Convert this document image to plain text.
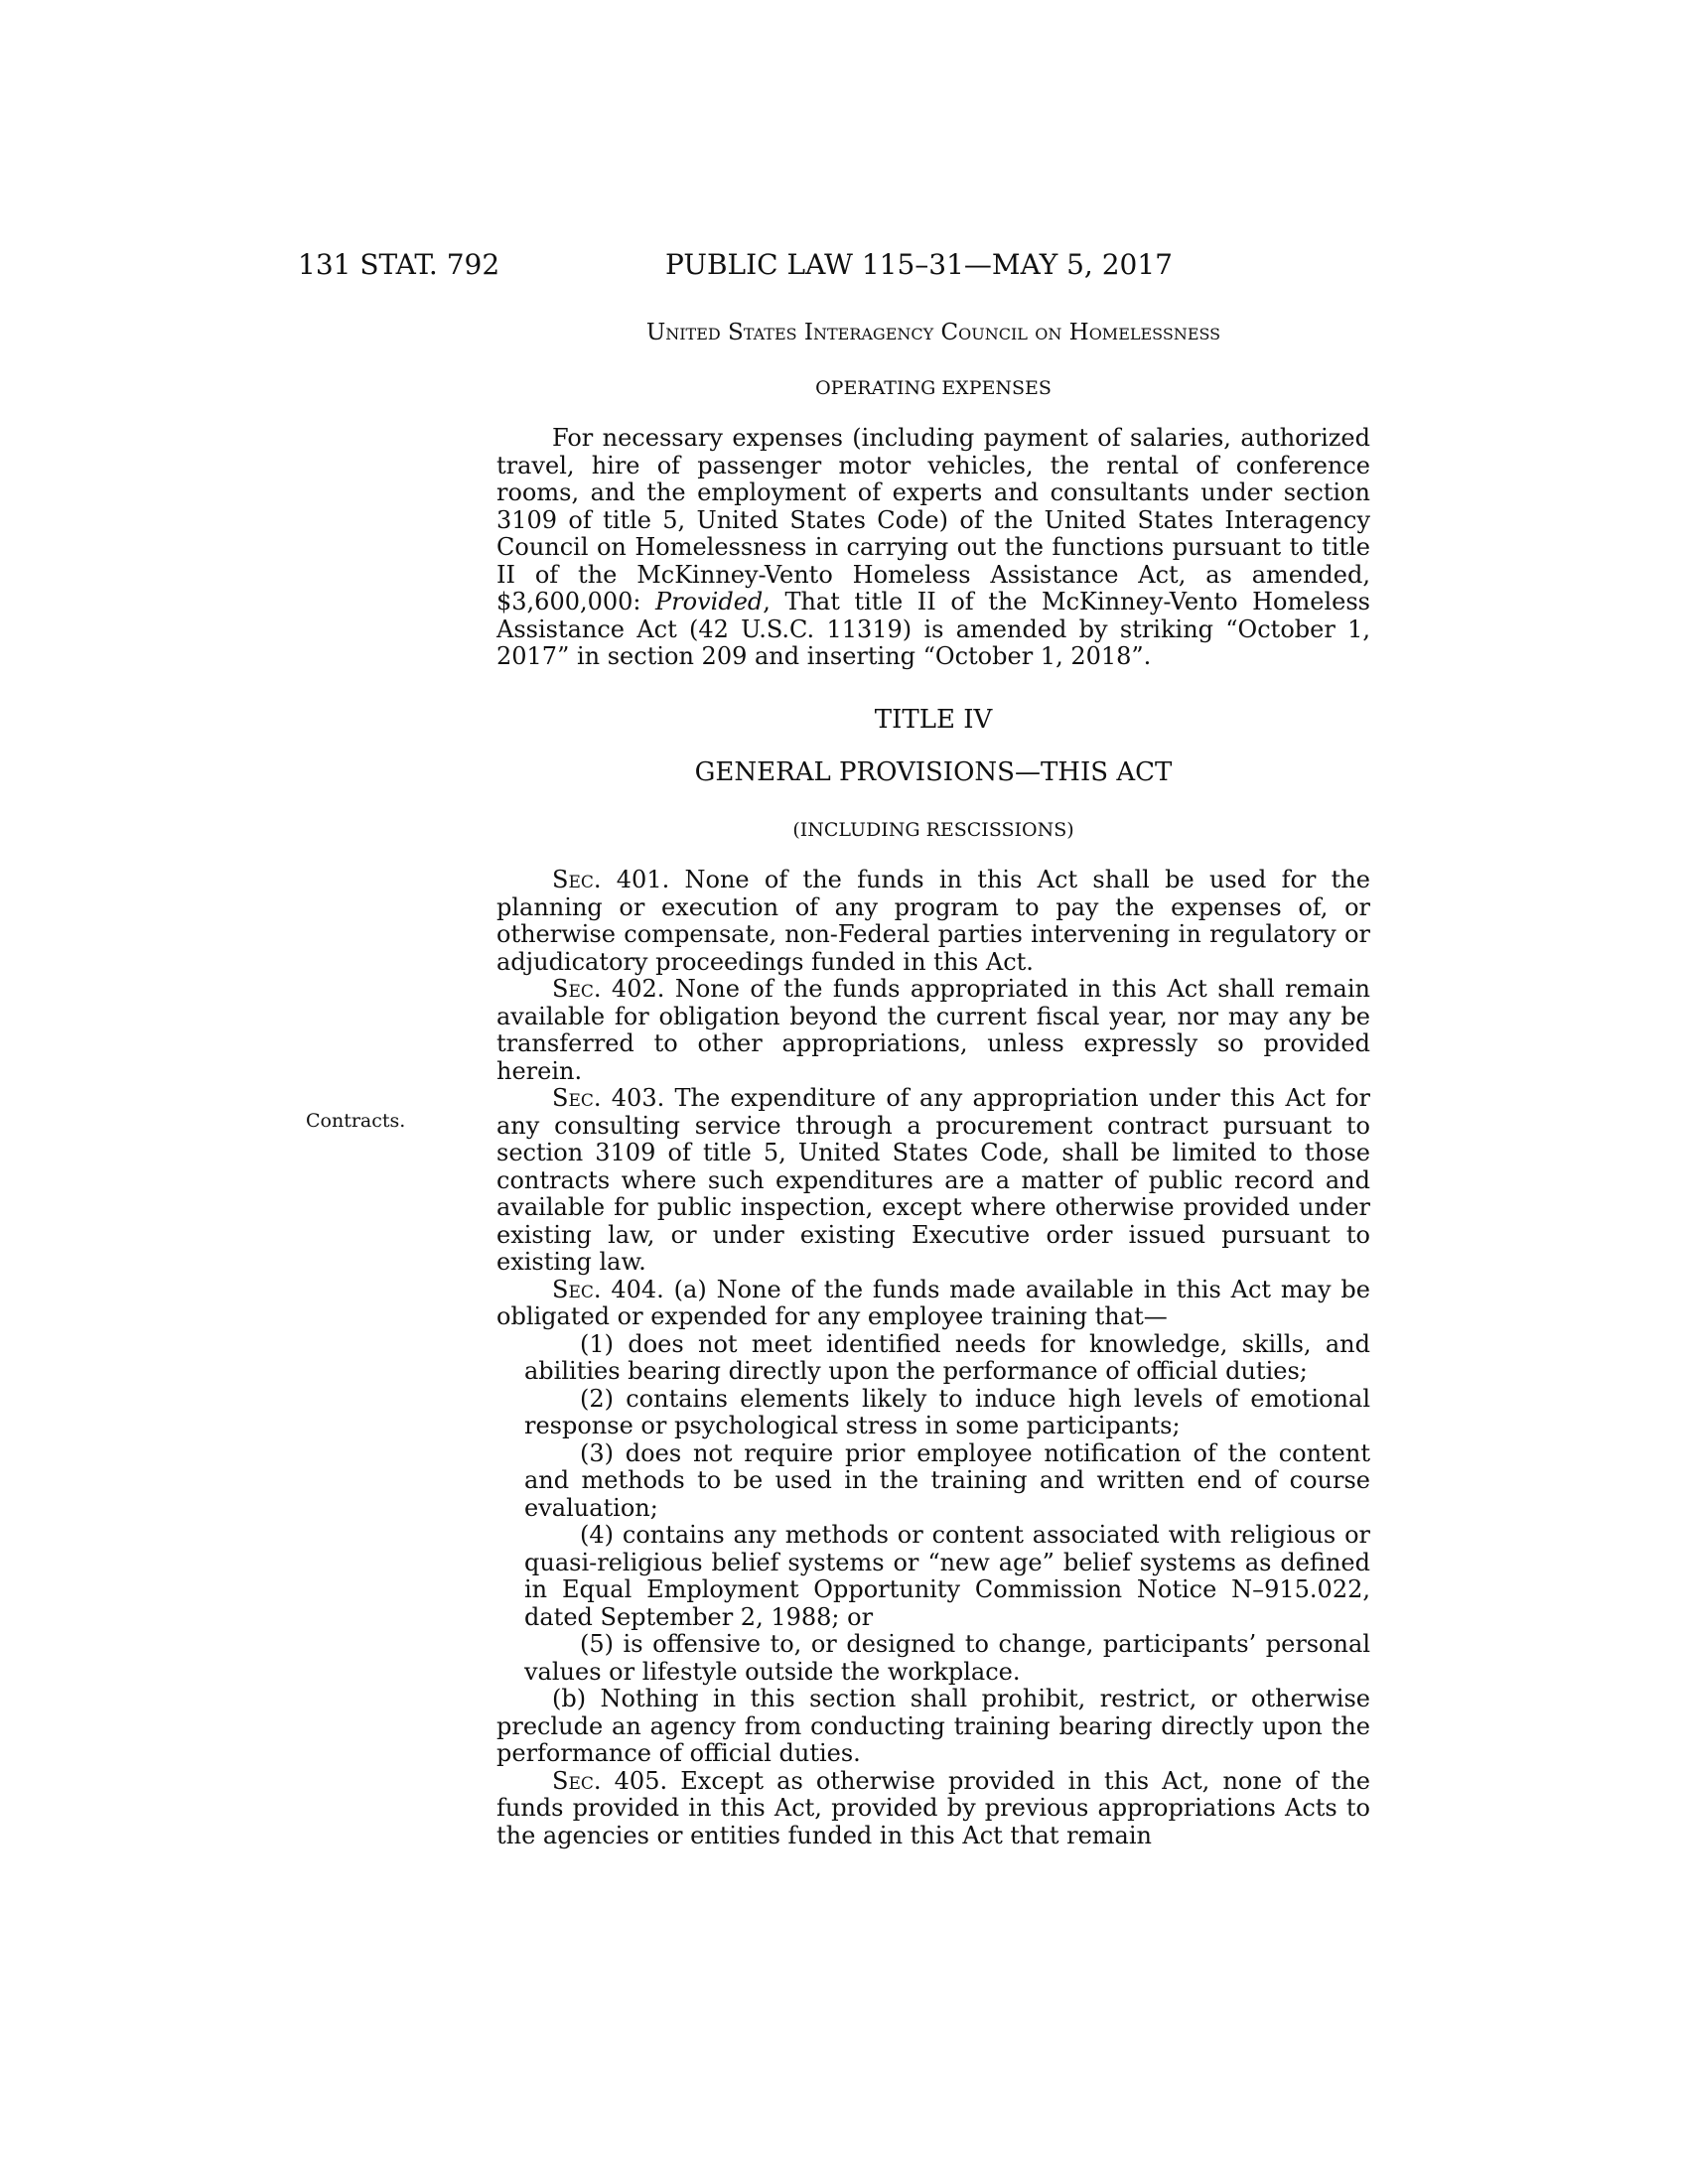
131 STAT. 792	PUBLIC LAW 115–31—MAY 5, 2017
United States Interagency Council on Homelessness
OPERATING EXPENSES

For necessary expenses (including payment of salaries, authorized travel, hire of passenger motor vehicles, the rental of conference rooms, and the employment of experts and consultants under section 3109 of title 5, United States Code) of the United States Interagency Council on Homelessness in carrying out the functions pursuant to title II of the McKinney-Vento Homeless Assistance Act, as amended, $3,600,000: Provided, That title II of the McKinney-Vento Homeless Assistance Act (42 U.S.C. 11319) is amended by striking “October 1, 2017” in section 209 and inserting “October 1, 2018”.

TITLE IV
GENERAL PROVISIONS—THIS ACT
(INCLUDING RESCISSIONS)
Contracts.

Sec. 401. None of the funds in this Act shall be used for the planning or execution of any program to pay the expenses of, or otherwise compensate, non-Federal parties intervening in regulatory or adjudicatory proceedings funded in this Act.

Sec. 402. None of the funds appropriated in this Act shall remain available for obligation beyond the current fiscal year, nor may any be transferred to other appropriations, unless expressly so provided herein.

Sec. 403. The expenditure of any appropriation under this Act for any consulting service through a procurement contract pursuant to section 3109 of title 5, United States Code, shall be limited to those contracts where such expenditures are a matter of public record and available for public inspection, except where otherwise provided under existing law, or under existing Executive order issued pursuant to existing law.

Sec. 404. (a) None of the funds made available in this Act may be obligated or expended for any employee training that—

(1) does not meet identified needs for knowledge, skills, and abilities bearing directly upon the performance of official duties;

(2) contains elements likely to induce high levels of emotional response or psychological stress in some participants;

(3) does not require prior employee notification of the content and methods to be used in the training and written end of course evaluation;

(4) contains any methods or content associated with religious or quasi-religious belief systems or “new age” belief systems as defined in Equal Employment Opportunity Commission Notice N–915.022, dated September 2, 1988; or

(5) is offensive to, or designed to change, participants’ personal values or lifestyle outside the workplace.

(b) Nothing in this section shall prohibit, restrict, or otherwise preclude an agency from conducting training bearing directly upon the performance of official duties.

Sec. 405. Except as otherwise provided in this Act, none of the funds provided in this Act, provided by previous appropriations Acts to the agencies or entities funded in this Act that remain
